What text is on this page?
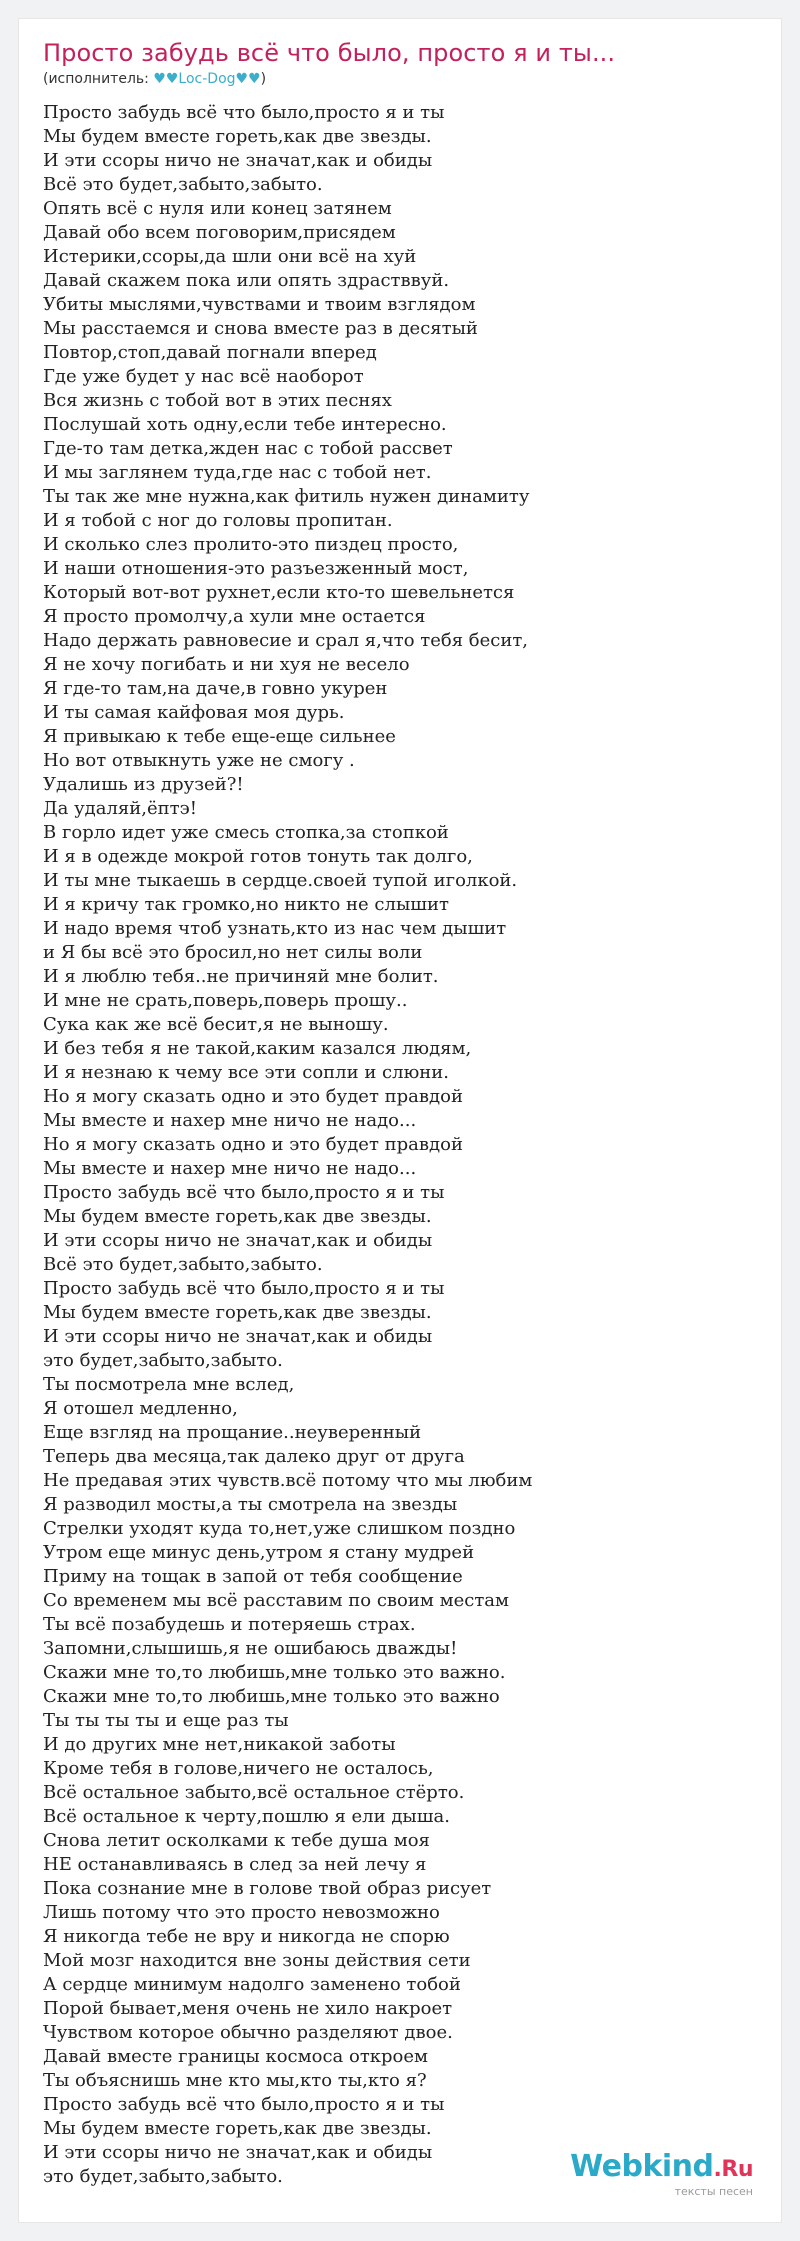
Просто забудь всё что было, просто я и ты...
(исполнитель: ♥♥Loc-Dog♥♥)
Просто забудь всё что было,просто я и ты
Мы будем вместе гореть,как две звезды.
И эти ссоры ничо не значат,как и обиды
Всё это будет,забыто,забыто.
Опять всё с нуля или конец затянем
Давай обо всем поговорим,присядем
Истерики,ссоры,да шли они всё на хуй
Давай скажем пока или опять здрастввуй.
Убиты мыслями,чувствами и твоим взглядом
Мы расстаемся и снова вместе раз в десятый
Повтор,стоп,давай погнали вперед
Где уже будет у нас всё наоборот
Вся жизнь с тобой вот в этих песнях
Послушай хоть одну,если тебе интересно.
Где-то там детка,жден нас с тобой рассвет
И мы заглянем туда,где нас с тобой нет.
Ты так же мне нужна,как фитиль нужен динамиту
И я тобой с ног до головы пропитан.
И сколько слез пролито-это пиздец просто,
И наши отношения-это разъезженный мост,
Который вот-вот рухнет,если кто-то шевельнется
Я просто промолчу,а хули мне остается
Надо держать равновесие и срал я,что тебя бесит,
Я не хочу погибать и ни хуя не весело
Я где-то там,на даче,в говно укурен
И ты самая кайфовая моя дурь.
Я привыкаю к тебе еще-еще сильнее
Но вот отвыкнуть уже не смогу .
Удалишь из друзей?!
Да удаляй,ёптэ!
В горло идет уже смесь стопка,за стопкой
И я в одежде мокрой готов тонуть так долго,
И ты мне тыкаешь в сердце.своей тупой иголкой.
И я кричу так громко,но никто не слышит
И надо время чтоб узнать,кто из нас чем дышит
и Я бы всё это бросил,но нет силы воли
И я люблю тебя..не причиняй мне болит.
И мне не срать,поверь,поверь прошу..
Сука как же всё бесит,я не выношу.
И без тебя я не такой,каким казался людям,
И я незнаю к чему все эти сопли и слюни.
Но я могу сказать одно и это будет правдой
Мы вместе и нахер мне ничо не надо...
Но я могу сказать одно и это будет правдой
Мы вместе и нахер мне ничо не надо...
Просто забудь всё что было,просто я и ты
Мы будем вместе гореть,как две звезды.
И эти ссоры ничо не значат,как и обиды
Всё это будет,забыто,забыто.
Просто забудь всё что было,просто я и ты
Мы будем вместе гореть,как две звезды.
И эти ссоры ничо не значат,как и обиды
это будет,забыто,забыто.
Ты посмотрела мне вслед,
Я отошел медленно,
Еще взгляд на прощание..неуверенный
Теперь два месяца,так далеко друг от друга
Не предавая этих чувств.всё потому что мы любим
Я разводил мосты,а ты смотрела на звезды
Стрелки уходят куда то,нет,уже слишком поздно
Утром еще минус день,утром я стану мудрей
Приму на тощак в запой от тебя сообщение
Со временем мы всё расставим по своим местам
Ты всё позабудешь и потеряешь страх.
Запомни,слышишь,я не ошибаюсь дважды!
Скажи мне то,то любишь,мне только это важно.
Скажи мне то,то любишь,мне только это важно
Ты ты ты ты и еще раз ты
И до других мне нет,никакой заботы
Кроме тебя в голове,ничего не осталось,
Всё остальное забыто,всё остальное стёрто.
Всё остальное к черту,пошлю я ели дыша.
Снова летит осколками к тебе душа моя
НЕ останавливаясь в след за ней лечу я
Пока сознание мне в голове твой образ рисует
Лишь потому что это просто невозможно
Я никогда тебе не вру и никогда не спорю
Мой мозг находится вне зоны действия сети
А сердце минимум надолго заменено тобой
Порой бывает,меня очень не хило накроет
Чувством которое обычно разделяют двое.
Давай вместе границы космоса откроем
Ты объяснишь мне кто мы,кто ты,кто я?
Просто забудь всё что было,просто я и ты
Мы будем вместе гореть,как две звезды.
И эти ссоры ничо не значат,как и обиды
это будет,забыто,забыто.	Webkind.Ru
тексты песен
